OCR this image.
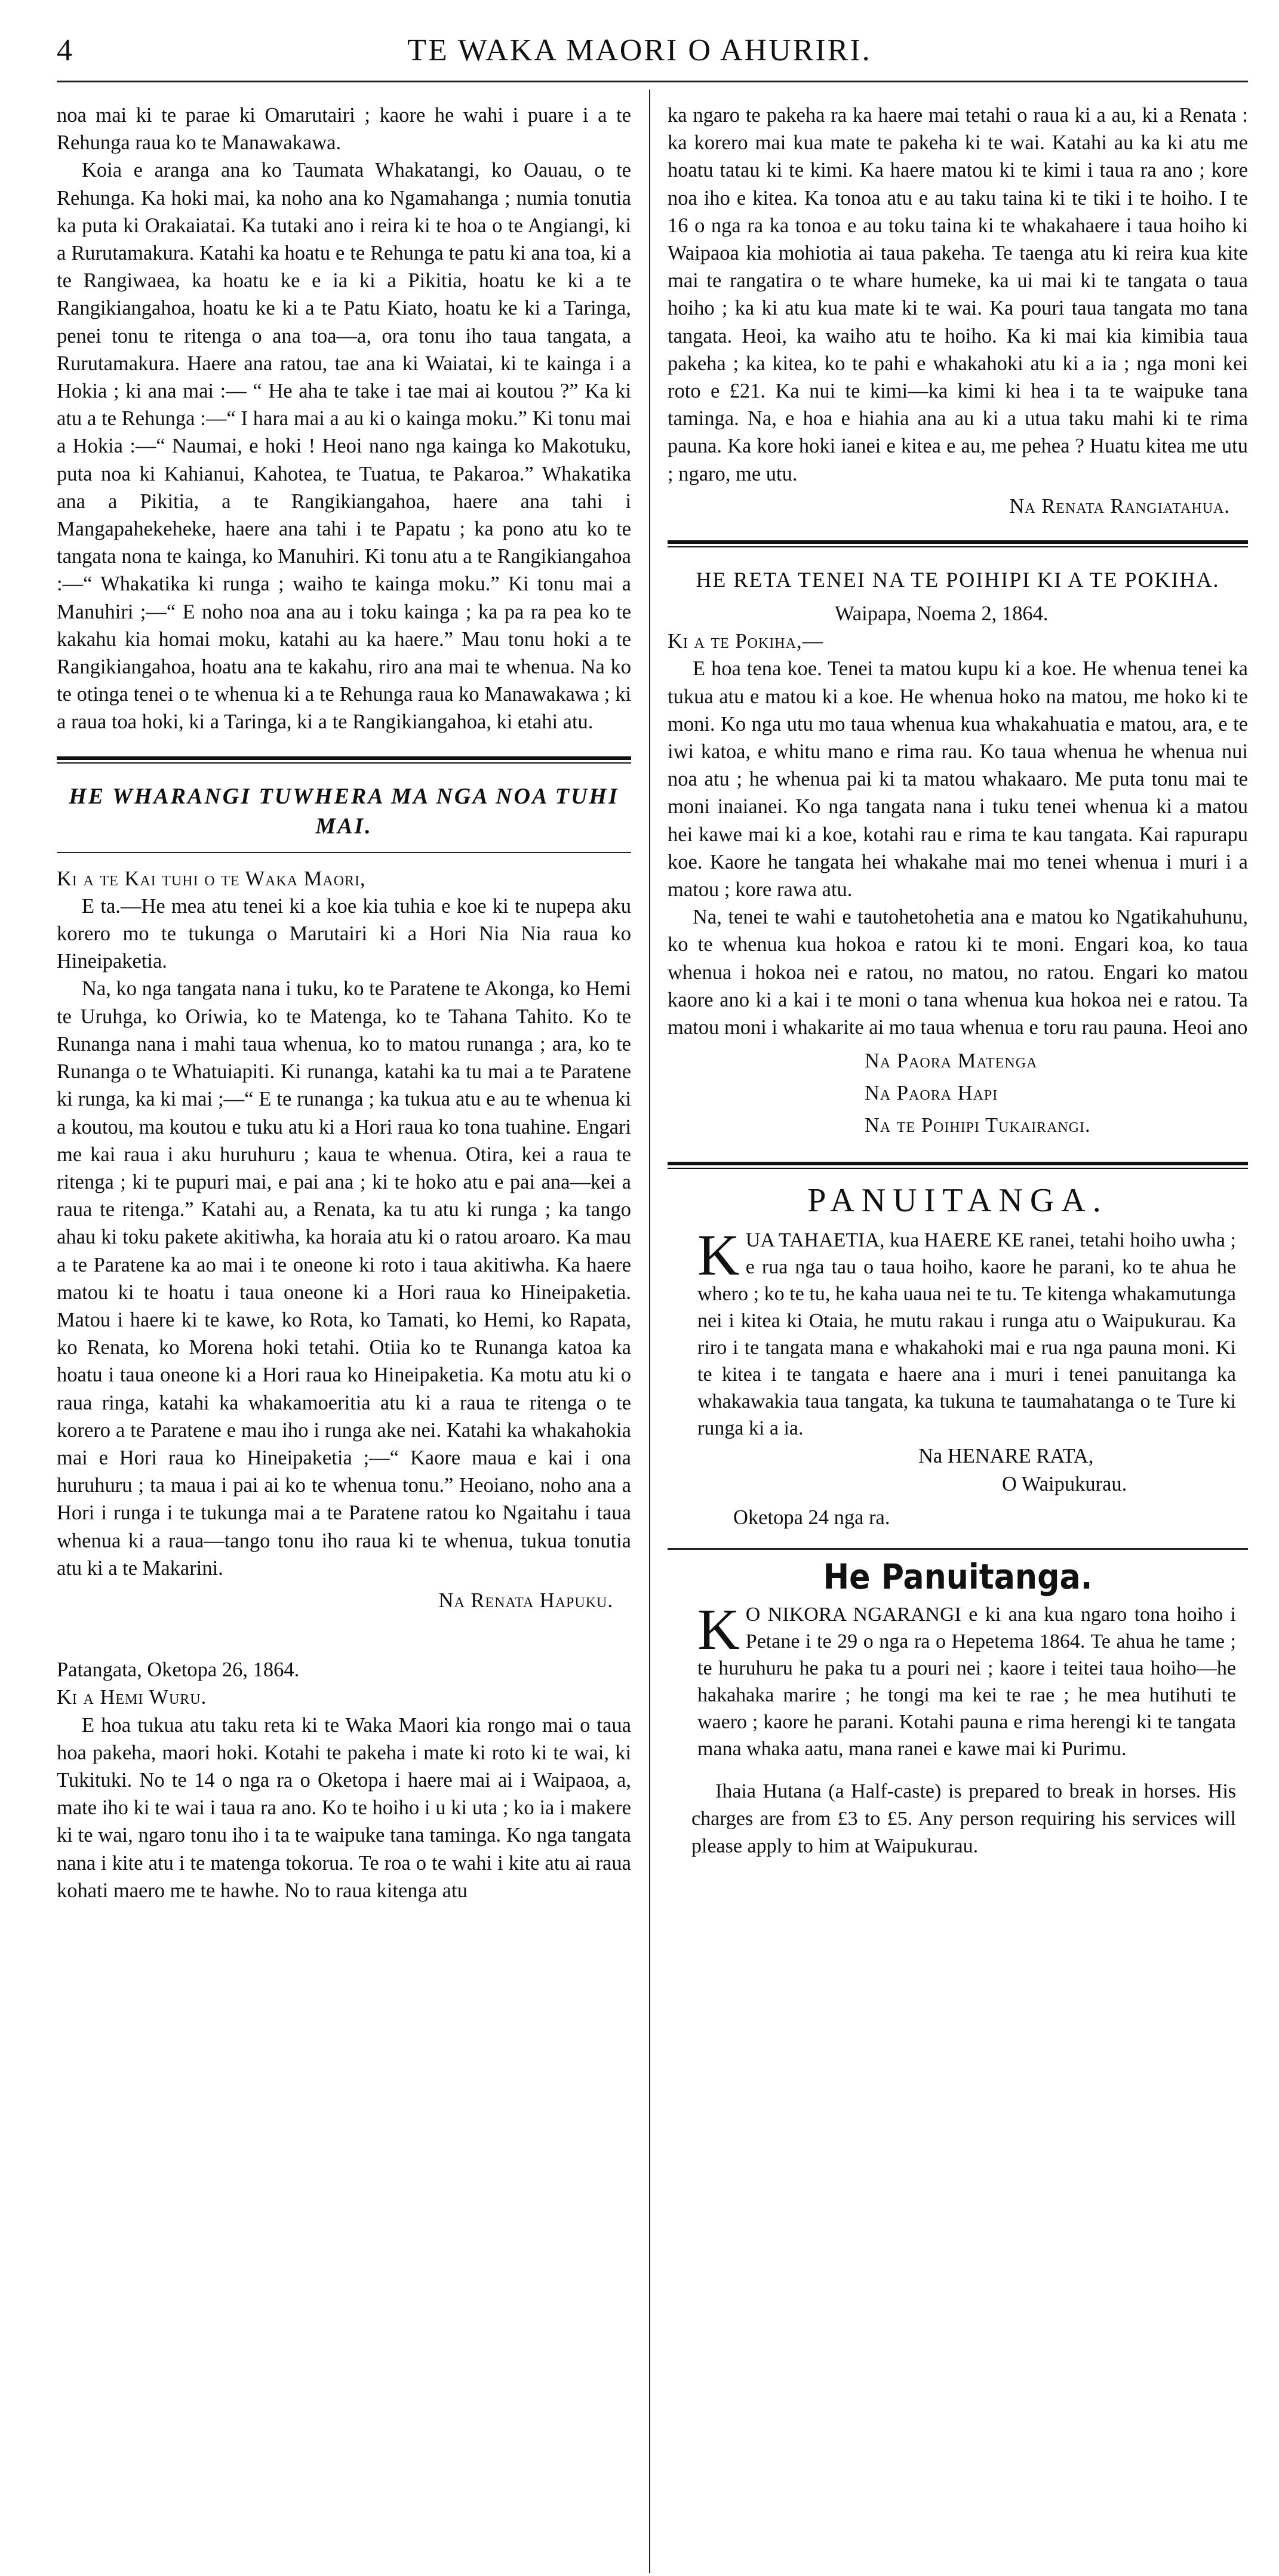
4	TE WAKA MAORI O AHURIRI.

noa mai ki te parae ki Omarutairi ; kaore he wahi i puare i a te Rehunga raua ko te Manawakawa.

Koia e aranga ana ko Taumata Whakatangi, ko Oauau, o te Rehunga. Ka hoki mai, ka noho ana ko Ngamahanga ; numia tonutia ka puta ki Orakaiatai. Ka tutaki ano i reira ki te hoa o te Angiangi, ki a Rurutamakura. Katahi ka hoatu e te Rehunga te patu ki ana toa, ki a te Rangiwaea, ka hoatu ke e ia ki a Pikitia, hoatu ke ki a te Rangikiangahoa, hoatu ke ki a te Patu Kiato, hoatu ke ki a Taringa, penei tonu te ritenga o ana toa—a, ora tonu iho taua tangata, a Rurutamakura. Haere ana ratou, tae ana ki Waiatai, ki te kainga i a Hokia ; ki ana mai :— “ He aha te take i tae mai ai koutou ?” Ka ki atu a te Rehunga :—“ I hara mai a au ki o kainga moku.” Ki tonu mai a Hokia :—“ Naumai, e hoki ! Heoi nano nga kainga ko Makotuku, puta noa ki Kahianui, Kahotea, te Tuatua, te Pakaroa.” Whakatika ana a Pikitia, a te Rangikiangahoa, haere ana tahi i Mangapahekeheke, haere ana tahi i te Papatu ; ka pono atu ko te tangata nona te kainga, ko Manuhiri. Ki tonu atu a te Rangikiangahoa :—“ Whakatika ki runga ; waiho te kainga moku.” Ki tonu mai a Manuhiri ;—“ E noho noa ana au i toku kainga ; ka pa ra pea ko te kakahu kia homai moku, katahi au ka haere.” Mau tonu hoki a te Rangikiangahoa, hoatu ana te kakahu, riro ana mai te whenua. Na ko te otinga tenei o te whenua ki a te Rehunga raua ko Manawakawa ; ki a raua toa hoki, ki a Taringa, ki a te Rangikiangahoa, ki etahi atu.

HE WHARANGI TUWHERA MA NGA NOA TUHI MAI.

Ki a te Kai tuhi o te Waka Maori,

E ta.—He mea atu tenei ki a koe kia tuhia e koe ki te nupepa aku korero mo te tukunga o Marutairi ki a Hori Nia Nia raua ko Hineipaketia.

Na, ko nga tangata nana i tuku, ko te Paratene te Akonga, ko Hemi te Uruhga, ko Oriwia, ko te Matenga, ko te Tahana Tahito. Ko te Runanga nana i mahi taua whenua, ko to matou runanga ; ara, ko te Runanga o te Whatuiapiti. Ki runanga, katahi ka tu mai a te Paratene ki runga, ka ki mai ;—“ E te runanga ; ka tukua atu e au te whenua ki a koutou, ma koutou e tuku atu ki a Hori raua ko tona tuahine. Engari me kai raua i aku huruhuru ; kaua te whenua. Otira, kei a raua te ritenga ; ki te pupuri mai, e pai ana ; ki te hoko atu e pai ana—kei a raua te ritenga.” Katahi au, a Renata, ka tu atu ki runga ; ka tango ahau ki toku pakete akitiwha, ka horaia atu ki o ratou aroaro. Ka mau a te Paratene ka ao mai i te oneone ki roto i taua akitiwha. Ka haere matou ki te hoatu i taua oneone ki a Hori raua ko Hineipaketia. Matou i haere ki te kawe, ko Rota, ko Tamati, ko Hemi, ko Rapata, ko Renata, ko Morena hoki tetahi. Otiia ko te Runanga katoa ka hoatu i taua oneone ki a Hori raua ko Hineipaketia. Ka motu atu ki o raua ringa, katahi ka whakamoeritia atu ki a raua te ritenga o te korero a te Paratene e mau iho i runga ake nei. Katahi ka whakahokia mai e Hori raua ko Hineipaketia ;—“ Kaore maua e kai i ona huruhuru ; ta maua i pai ai ko te whenua tonu.” Heoiano, noho ana a Hori i runga i te tukunga mai a te Paratene ratou ko Ngaitahu i taua whenua ki a raua—tango tonu iho raua ki te whenua, tukua tonutia atu ki a te Makarini.

Na Renata Hapuku.

Patangata, Oketopa 26, 1864.

Ki a Hemi Wuru.

E hoa tukua atu taku reta ki te Waka Maori kia rongo mai o taua hoa pakeha, maori hoki. Kotahi te pakeha i mate ki roto ki te wai, ki Tukituki. No te 14 o nga ra o Oketopa i haere mai ai i Waipaoa, a, mate iho ki te wai i taua ra ano. Ko te hoiho i u ki uta ; ko ia i makere ki te wai, ngaro tonu iho i ta te waipuke tana taminga. Ko nga tangata nana i kite atu i te matenga tokorua. Te roa o te wahi i kite atu ai raua kohati maero me te hawhe. No to raua kitenga atu

ka ngaro te pakeha ra ka haere mai tetahi o raua ki a au, ki a Renata : ka korero mai kua mate te pakeha ki te wai. Katahi au ka ki atu me hoatu tatau ki te kimi. Ka haere matou ki te kimi i taua ra ano ; kore noa iho e kitea. Ka tonoa atu e au taku taina ki te tiki i te hoiho. I te 16 o nga ra ka tonoa e au toku taina ki te whakahaere i taua hoiho ki Waipaoa kia mohiotia ai taua pakeha. Te taenga atu ki reira kua kite mai te rangatira o te whare humeke, ka ui mai ki te tangata o taua hoiho ; ka ki atu kua mate ki te wai. Ka pouri taua tangata mo tana tangata. Heoi, ka waiho atu te hoiho. Ka ki mai kia kimibia taua pakeha ; ka kitea, ko te pahi e whakahoki atu ki a ia ; nga moni kei roto e £21. Ka nui te kimi—ka kimi ki hea i ta te waipuke tana taminga. Na, e hoa e hiahia ana au ki a utua taku mahi ki te rima pauna. Ka kore hoki ianei e kitea e au, me pehea ? Huatu kitea me utu ; ngaro, me utu.

Na Renata Rangiatahua.
HE RETA TENEI NA TE POIHIPI KI A TE POKIHA.

Waipapa, Noema 2, 1864.

Ki a te Pokiha,—

E hoa tena koe. Tenei ta matou kupu ki a koe. He whenua tenei ka tukua atu e matou ki a koe. He whenua hoko na matou, me hoko ki te moni. Ko nga utu mo taua whenua kua whakahuatia e matou, ara, e te iwi katoa, e whitu mano e rima rau. Ko taua whenua he whenua nui noa atu ; he whenua pai ki ta matou whakaaro. Me puta tonu mai te moni inaianei. Ko nga tangata nana i tuku tenei whenua ki a matou hei kawe mai ki a koe, kotahi rau e rima te kau tangata. Kai rapurapu koe. Kaore he tangata hei whakahe mai mo tenei whenua i muri i a matou ; kore rawa atu.

Na, tenei te wahi e tautohetohetia ana e matou ko Ngatikahuhunu, ko te whenua kua hokoa e ratou ki te moni. Engari koa, ko taua whenua i hokoa nei e ratou, no matou, no ratou. Engari ko matou kaore ano ki a kai i te moni o tana whenua kua hokoa nei e ratou. Ta matou moni i whakarite ai mo taua whenua e toru rau pauna. Heoi ano

Na Paora Matenga
Na Paora Hapi
Na te Poihipi Tukairangi.
PANUITANGA.
K UA TAHAETIA, kua HAERE KE ranei, tetahi hoiho uwha ; e rua nga tau o taua hoiho, kaore he parani, ko te ahua he whero ; ko te tu, he kaha uaua nei te tu. Te kitenga whakamutunga nei i kitea ki Otaia, he mutu rakau i runga atu o Waipukurau. Ka riro i te tangata mana e whakahoki mai e rua nga pauna moni. Ki te kitea i te tangata e haere ana i muri i tenei panuitanga ka whakawakia taua tangata, ka tukuna te taumahatanga o te Ture ki runga ki a ia.
Na HENARE RATA,
O Waipukurau.
Oketopa 24 nga ra.
He Panuitanga.
K O NIKORA NGARANGI e ki ana kua ngaro tona hoiho i Petane i te 29 o nga ra o Hepetema 1864. Te ahua he tame ; te huruhuru he paka tu a pouri nei ; kaore i teitei taua hoiho—he hakahaka marire ; he tongi ma kei te rae ; he mea hutihuti te waero ; kaore he parani. Kotahi pauna e rima herengi ki te tangata mana whaka aatu, mana ranei e kawe mai ki Purimu.

Ihaia Hutana (a Half-caste) is prepared to break in horses. His charges are from £3 to £5. Any person requiring his services will please apply to him at Waipukurau.
